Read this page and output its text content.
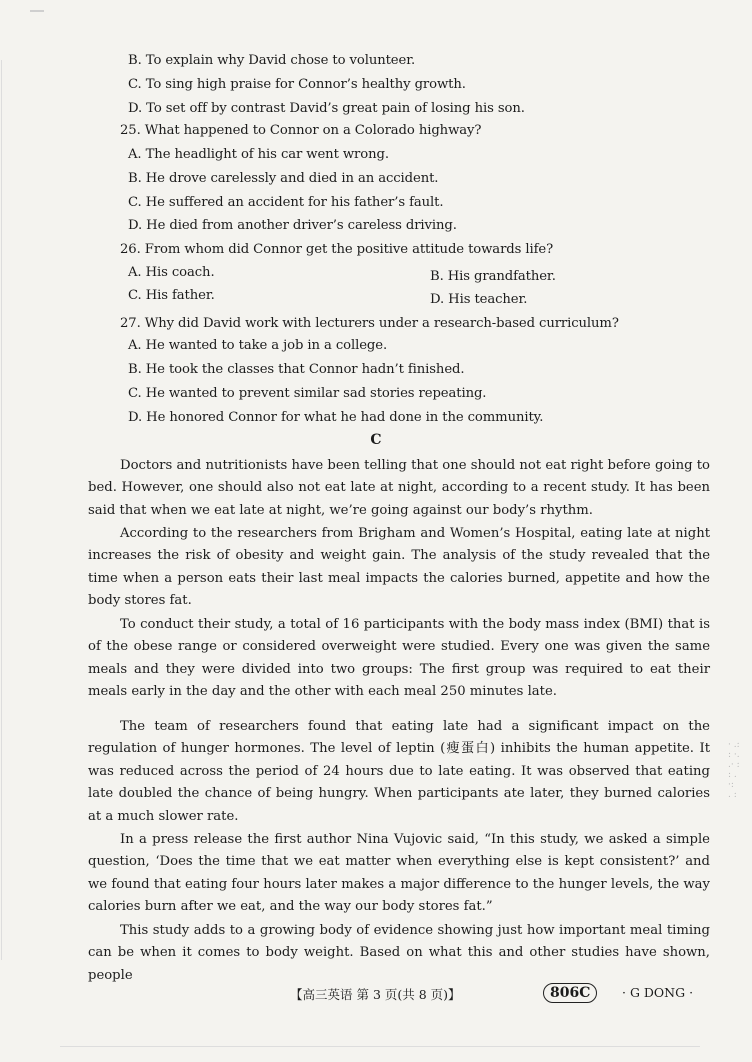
B. To explain why David chose to volunteer.
C. To sing high praise for Connor’s healthy growth.
D. To set off by contrast David’s great pain of losing his son.
25. What happened to Connor on a Colorado highway?
A. The headlight of his car went wrong.
B. He drove carelessly and died in an accident.
C. He suffered an accident for his father’s fault.
D. He died from another driver’s careless driving.
26. From whom did Connor get the positive attitude towards life?
A. His coach.	B. His grandfather.
C. His father.	D. His teacher.
27. Why did David work with lecturers under a research-based curriculum?
A. He wanted to take a job in a college.
B. He took the classes that Connor hadn’t finished.
C. He wanted to prevent similar sad stories repeating.
D. He honored Connor for what he had done in the community.
C
Doctors and nutritionists have been telling that one should not eat right before going to bed. However, one should also not eat late at night, according to a recent study. It has been said that when we eat late at night, we’re going against our body’s rhythm.
According to the researchers from Brigham and Women’s Hospital, eating late at night increases the risk of obesity and weight gain. The analysis of the study revealed that the time when a person eats their last meal impacts the calories burned, appetite and how the body stores fat.
To conduct their study, a total of 16 participants with the body mass index (BMI) that is of the obese range or considered overweight were studied. Every one was given the same meals and they were divided into two groups: The first group was required to eat their meals early in the day and the other with each meal 250 minutes late.
The team of researchers found that eating late had a significant impact on the regulation of hunger hormones. The level of leptin (瘦蛋白) inhibits the human appetite. It was reduced across the period of 24 hours due to late eating. It was observed that eating late doubled the chance of being hungry. When participants ate later, they burned calories at a much slower rate.
In a press release the first author Nina Vujovic said, “In this study, we asked a simple question, ‘Does the time that we eat matter when everything else is kept consistent?’ and we found that eating four hours later makes a major difference to the hunger levels, the way calories burn after we eat, and the way our body stores fat.”
This study adds to a growing body of evidence showing just how important meal timing can be when it comes to body weight. Based on what this and other studies have shown, people
· .:
: ·.
.· :
: .
·:
. :
【高三英语 第 3 页(共 8 页)】	806C	· G DONG ·
